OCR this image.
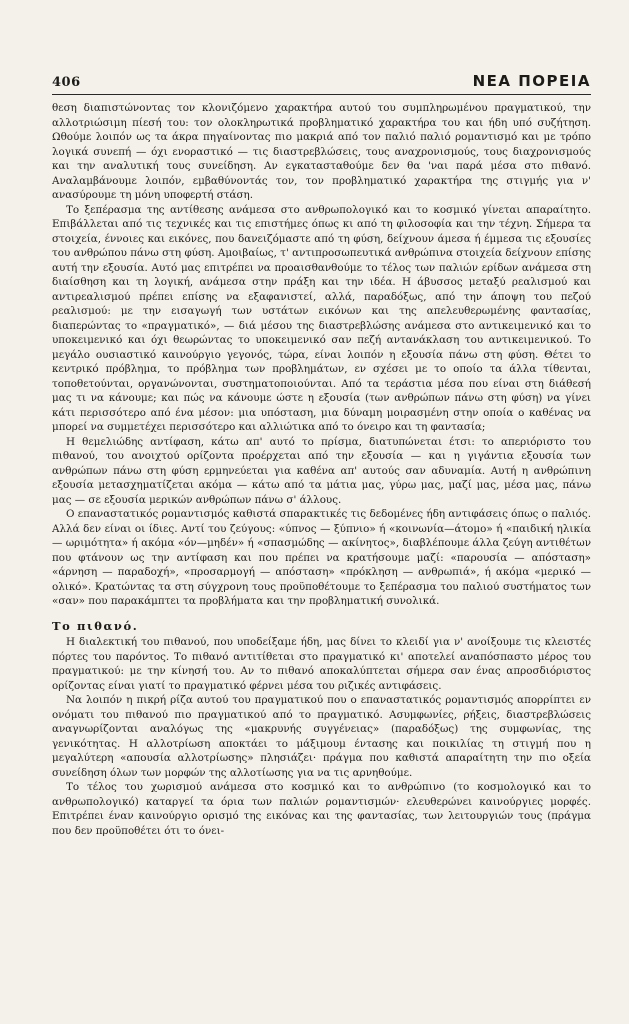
406	ΝΕΑ ΠΟΡΕΙΑ

θεση διαπιστώνοντας τον κλονιζόμενο χαρακτήρα αυτού του συμπληρωμένου πραγματικού, την αλλοτριώσιμη πίεσή του: τον ολοκληρωτικά προβληματικό χαρακτήρα του και ήδη υπό συζήτηση. Ωθούμε λοιπόν ως τα άκρα πηγαίνοντας πιο μακριά από τον παλιό παλιό ρομαντισμό και με τρόπο λογικά συνεπή — όχι ενοραστικό — τις διαστρεβλώσεις, τους αναχρονισμούς, τους διαχρονισμούς και την αναλυτική τους συνείδηση. Αν εγκατασταθούμε δεν θα 'ναι παρά μέσα στο πιθανό. Αναλαμβάνουμε λοιπόν, εμβαθύνοντάς τον, τον προβληματικό χαρακτήρα της στιγμής για ν' ανασύρουμε τη μόνη υποφερτή στάση.

Το ξεπέρασμα της αντίθεσης ανάμεσα στο ανθρωπολογικό και το κοσμικό γίνεται απαραίτητο. Επιβάλλεται από τις τεχνικές και τις επιστήμες όπως κι από τη φιλοσοφία και την τέχνη. Σήμερα τα στοιχεία, έννοιες και εικόνες, που δανειζόμαστε από τη φύση, δείχνουν άμεσα ή έμμεσα τις εξουσίες του ανθρώπου πάνω στη φύση. Αμοιβαίως, τ' αντιπροσωπευτικά ανθρώπινα στοιχεία δείχνουν επίσης αυτή την εξουσία. Αυτό μας επιτρέπει να προαισθανθούμε το τέλος των παλιών ερίδων ανάμεσα στη διαίσθηση και τη λογική, ανάμεσα στην πράξη και την ιδέα. Η άβυσσος μεταξύ ρεαλισμού και αντιρεαλισμού πρέπει επίσης να εξαφανιστεί, αλλά, παραδόξως, από την άποψη του πεζού ρεαλισμού: με την εισαγωγή των υστάτων εικόνων και της απελευθερωμένης φαντασίας, διαπερώντας το «πραγματικό», — διά μέσου της διαστρεβλώσης ανάμεσα στο αντικειμενικό και το υποκειμενικό και όχι θεωρώντας το υποκειμενικό σαν πεζή αντανάκλαση του αντικειμενικού. Το μεγάλο ουσιαστικό καινούργιο γεγονός, τώρα, είναι λοιπόν η εξουσία πάνω στη φύση. Θέτει το κεντρικό πρόβλημα, το πρόβλημα των προβλημάτων, εν σχέσει με το οποίο τα άλλα τίθενται, τοποθετούνται, οργανώνονται, συστηματοποιούνται. Από τα τεράστια μέσα που είναι στη διάθεσή μας τι να κάνουμε; και πώς να κάνουμε ώστε η εξουσία (των ανθρώπων πάνω στη φύση) να γίνει κάτι περισσότερο από ένα μέσον: μια υπόσταση, μια δύναμη μοιρασμένη στην οποία ο καθένας να μπορεί να συμμετέχει περισσότερο και αλλιώτικα από το όνειρο και τη φαντασία;

Η θεμελιώδης αντίφαση, κάτω απ' αυτό το πρίσμα, διατυπώνεται έτσι: το απεριόριστο του πιθανού, του ανοιχτού ορίζοντα προέρχεται από την εξουσία — και η γιγάντια εξουσία των ανθρώπων πάνω στη φύση ερμηνεύεται για καθένα απ' αυτούς σαν αδυναμία. Αυτή η ανθρώπινη εξουσία μετασχηματίζεται ακόμα — κάτω από τα μάτια μας, γύρω μας, μαζί μας, μέσα μας, πάνω μας — σε εξουσία μερικών ανθρώπων πάνω σ' άλλους.

Ο επαναστατικός ρομαντισμός καθιστά σπαρακτικές τις δεδομένες ήδη αντιφάσεις όπως ο παλιός. Αλλά δεν είναι οι ίδιες. Αντί του ζεύγους: «ύπνος — ξύπνιο» ή «κοινωνία—άτομο» ή «παιδική ηλικία — ωριμότητα» ή ακόμα «όν—μηδέν» ή «σπασμώδης — ακίνητος», διαβλέπουμε άλλα ζεύγη αντιθέτων που φτάνουν ως την αντίφαση και που πρέπει να κρατήσουμε μαζί: «παρουσία — απόσταση» «άρνηση — παραδοχή», «προσαρμογή — απόσταση» «πρόκληση — ανθρωπιά», ή ακόμα «μερικό — ολικό». Κρατώντας τα στη σύγχρονη τους προϋποθέτουμε το ξεπέρασμα του παλιού συστήματος των «σαν» που παρακάμπτει τα προβλήματα και την προβληματική συνολικά.

Το πιθανό.

Η διαλεκτική του πιθανού, που υποδείξαμε ήδη, μας δίνει το κλειδί για ν' ανοίξουμε τις κλειστές πόρτες του παρόντος. Το πιθανό αντιτίθεται στο πραγματικό κι' αποτελεί αναπόσπαστο μέρος του πραγματικού: με την κίνησή του. Αν το πιθανό αποκαλύπτεται σήμερα σαν ένας απροσδιόριστος ορίζοντας είναι γιατί το πραγματικό φέρνει μέσα του ριζικές αντιφάσεις.

Να λοιπόν η πικρή ρίζα αυτού του πραγματικού που ο επαναστατικός ρομαντισμός απορρίπτει εν ονόματι του πιθανού πιο πραγματικού από το πραγματικό. Ασυμφωνίες, ρήξεις, διαστρεβλώσεις αναγνωρίζονται αναλόγως της «μακρυνής συγγένειας» (παραδόξως) της συμφωνίας, της γενικότητας. Η αλλοτρίωση αποκτάει το μάξιμουμ έντασης και ποικιλίας τη στιγμή που η μεγαλύτερη «απουσία αλλοτρίωσης» πλησιάζει· πράγμα που καθιστά απαραίτητη την πιο οξεία συνείδηση όλων των μορφών της αλλοτίωσης για να τις αρνηθούμε.

Το τέλος του χωρισμού ανάμεσα στο κοσμικό και το ανθρώπινο (το κοσμολογικό και το ανθρωπολογικό) καταργεί τα όρια των παλιών ρομαντισμών· ελευθερώνει καινούργιες μορφές. Επιτρέπει έναν καινούργιο ορισμό της εικόνας και της φαντασίας, των λειτουργιών τους (πράγμα που δεν προϋποθέτει ότι το όνει-
